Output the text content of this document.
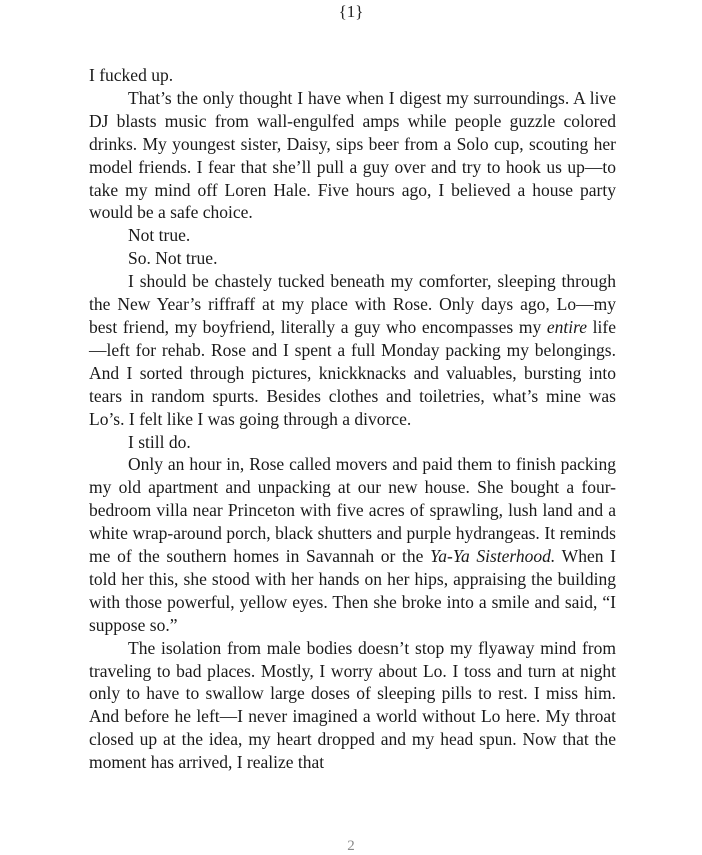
{1}

I fucked up.

That’s the only thought I have when I digest my surroundings. A live DJ blasts music from wall-engulfed amps while people guzzle colored drinks. My youngest sister, Daisy, sips beer from a Solo cup, scouting her model friends. I fear that she’ll pull a guy over and try to hook us up—to take my mind off Loren Hale. Five hours ago, I believed a house party would be a safe choice.

Not true.

So. Not true.

I should be chastely tucked beneath my comforter, sleeping through the New Year’s riffraff at my place with Rose. Only days ago, Lo—my best friend, my boyfriend, literally a guy who encompasses my entire life—left for rehab. Rose and I spent a full Monday packing my belongings. And I sorted through pictures, knickknacks and valuables, bursting into tears in random spurts. Besides clothes and toiletries, what’s mine was Lo’s. I felt like I was going through a divorce.

I still do.

Only an hour in, Rose called movers and paid them to finish packing my old apartment and unpacking at our new house. She bought a four-bedroom villa near Princeton with five acres of sprawling, lush land and a white wrap-around porch, black shutters and purple hydrangeas. It reminds me of the southern homes in Savannah or the Ya-Ya Sisterhood. When I told her this, she stood with her hands on her hips, appraising the building with those powerful, yellow eyes. Then she broke into a smile and said, “I suppose so.”

The isolation from male bodies doesn’t stop my flyaway mind from traveling to bad places. Mostly, I worry about Lo. I toss and turn at night only to have to swallow large doses of sleeping pills to rest. I miss him. And before he left—I never imagined a world without Lo here. My throat closed up at the idea, my heart dropped and my head spun. Now that the moment has arrived, I realize that

2
